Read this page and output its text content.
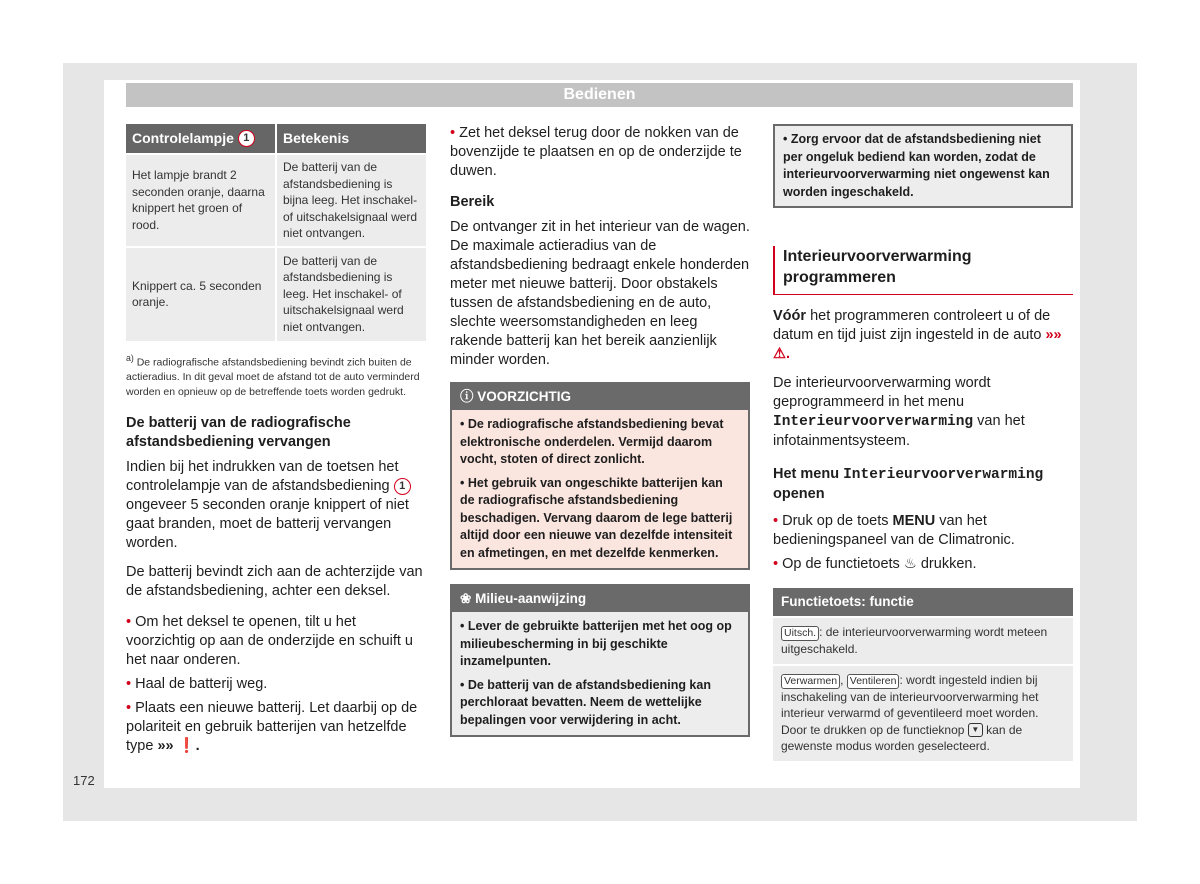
Bedienen
Controlelampje 1	Betekenis
Het lampje brandt 2 seconden oranje, daarna knippert het groen of rood.	De batterij van de afstandsbediening is bijna leeg. Het inschakel- of uitschakelsignaal werd niet ontvangen.
Knippert ca. 5 seconden oranje.	De batterij van de afstandsbediening is leeg. Het inschakel- of uitschakelsignaal werd niet ontvangen.

$^{a)}$ De radiografische afstandsbediening bevindt zich buiten de actieradius. In dit geval moet de afstand tot de auto verminderd worden en opnieuw op de betreffende toets worden gedrukt.

De batterij van de radiografische afstandsbediening vervangen

Indien bij het indrukken van de toetsen het controlelampje van de afstandsbediening 1 ongeveer 5 seconden oranje knippert of niet gaat branden, moet de batterij vervangen worden.

De batterij bevindt zich aan de achterzijde van de afstandsbediening, achter een deksel.

• Om het deksel te openen, tilt u het voorzichtig op aan de onderzijde en schuift u het naar onderen.

• Haal de batterij weg.

• Plaats een nieuwe batterij. Let daarbij op de polariteit en gebruik batterijen van hetzelfde type »» ❗.

• Zet het deksel terug door de nokken van de bovenzijde te plaatsen en op de onderzijde te duwen.

Bereik

De ontvanger zit in het interieur van de wagen. De maximale actieradius van de afstandsbediening bedraagt enkele honderden meter met nieuwe batterij. Door obstakels tussen de afstandsbediening en de auto, slechte weersomstandigheden en leeg rakende batterij kan het bereik aanzienlijk minder worden.

ⓘ VOORZICHTIG

• De radiografische afstandsbediening bevat elektronische onderdelen. Vermijd daarom vocht, stoten of direct zonlicht.

• Het gebruik van ongeschikte batterijen kan de radiografische afstandsbediening beschadigen. Vervang daarom de lege batterij altijd door een nieuwe van dezelfde intensiteit en afmetingen, en met dezelfde kenmerken.

❀ Milieu-aanwijzing

• Lever de gebruikte batterijen met het oog op milieubescherming in bij geschikte inzamelpunten.

• De batterij van de afstandsbediening kan perchloraat bevatten. Neem de wettelijke bepalingen voor verwijdering in acht.

• Zorg ervoor dat de afstandsbediening niet per ongeluk bediend kan worden, zodat de interieurvoorverwarming niet ongewenst kan worden ingeschakeld.
Interieurvoorverwarming programmeren

Vóór het programmeren controleert u of de datum en tijd juist zijn ingesteld in de auto »» ⚠.

De interieurvoorverwarming wordt geprogrammeerd in het menu Interieurvoorverwarming van het infotainmentsysteem.

Het menu Interieurvoorverwarming openen

• Druk op de toets MENU van het bedieningspaneel van de Climatronic.

• Op de functietoets ♨ drukken.

Functietoets: functie
Uitsch. : de interieurvoorverwarming wordt meteen uitgeschakeld.
Verwarmen , Ventileren : wordt ingesteld indien bij inschakeling van de interieurvoorverwarming het interieur verwarmd of geventileerd moet worden. Door te drukken op de functieknop ▼ kan de gewenste modus worden geselecteerd.
172
